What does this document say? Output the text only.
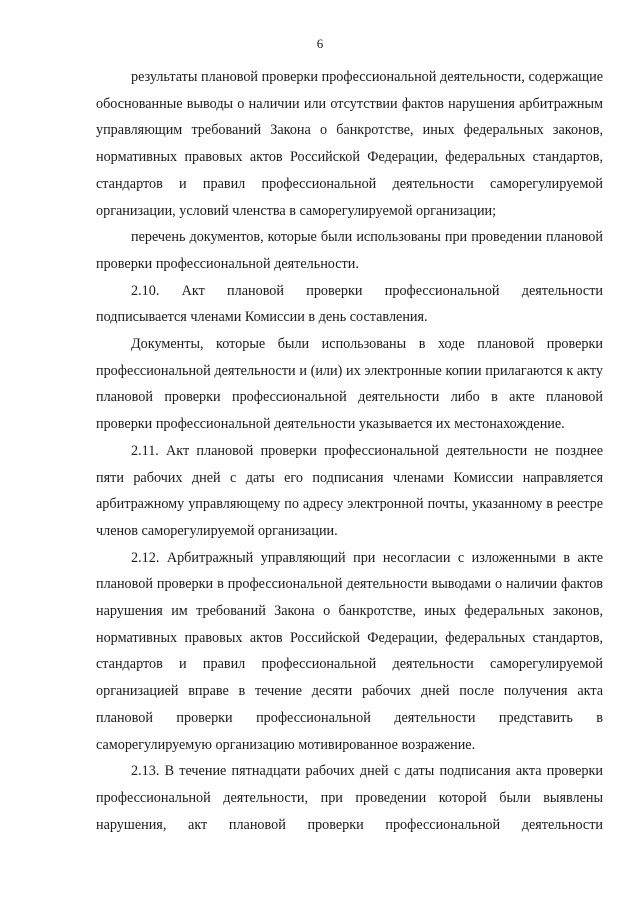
6

результаты плановой проверки профессиональной деятельности, содержащие обоснованные выводы о наличии или отсутствии фактов нарушения арбитражным управляющим требований Закона о банкротстве, иных федеральных законов, нормативных правовых актов Российской Федерации, федеральных стандартов, стандартов и правил профессиональной деятельности саморегулируемой организации, условий членства в саморегулируемой организации;

перечень документов, которые были использованы при проведении плановой проверки профессиональной деятельности.

2.10. Акт плановой проверки профессиональной деятельности подписывается членами Комиссии в день составления.

Документы, которые были использованы в ходе плановой проверки профессиональной деятельности и (или) их электронные копии прилагаются к акту плановой проверки профессиональной деятельности либо в акте плановой проверки профессиональной деятельности указывается их местонахождение.

2.11. Акт плановой проверки профессиональной деятельности не позднее пяти рабочих дней с даты его подписания членами Комиссии направляется арбитражному управляющему по адресу электронной почты, указанному в реестре членов саморегулируемой организации.

2.12. Арбитражный управляющий при несогласии с изложенными в акте плановой проверки в профессиональной деятельности выводами о наличии фактов нарушения им требований Закона о банкротстве, иных федеральных законов, нормативных правовых актов Российской Федерации, федеральных стандартов, стандартов и правил профессиональной деятельности саморегулируемой организацией вправе в течение десяти рабочих дней после получения акта плановой проверки профессиональной деятельности представить в саморегулируемую организацию мотивированное возражение.

2.13. В течение пятнадцати рабочих дней с даты подписания акта проверки профессиональной деятельности, при проведении которой были выявлены нарушения, акт плановой проверки профессиональной деятельности
